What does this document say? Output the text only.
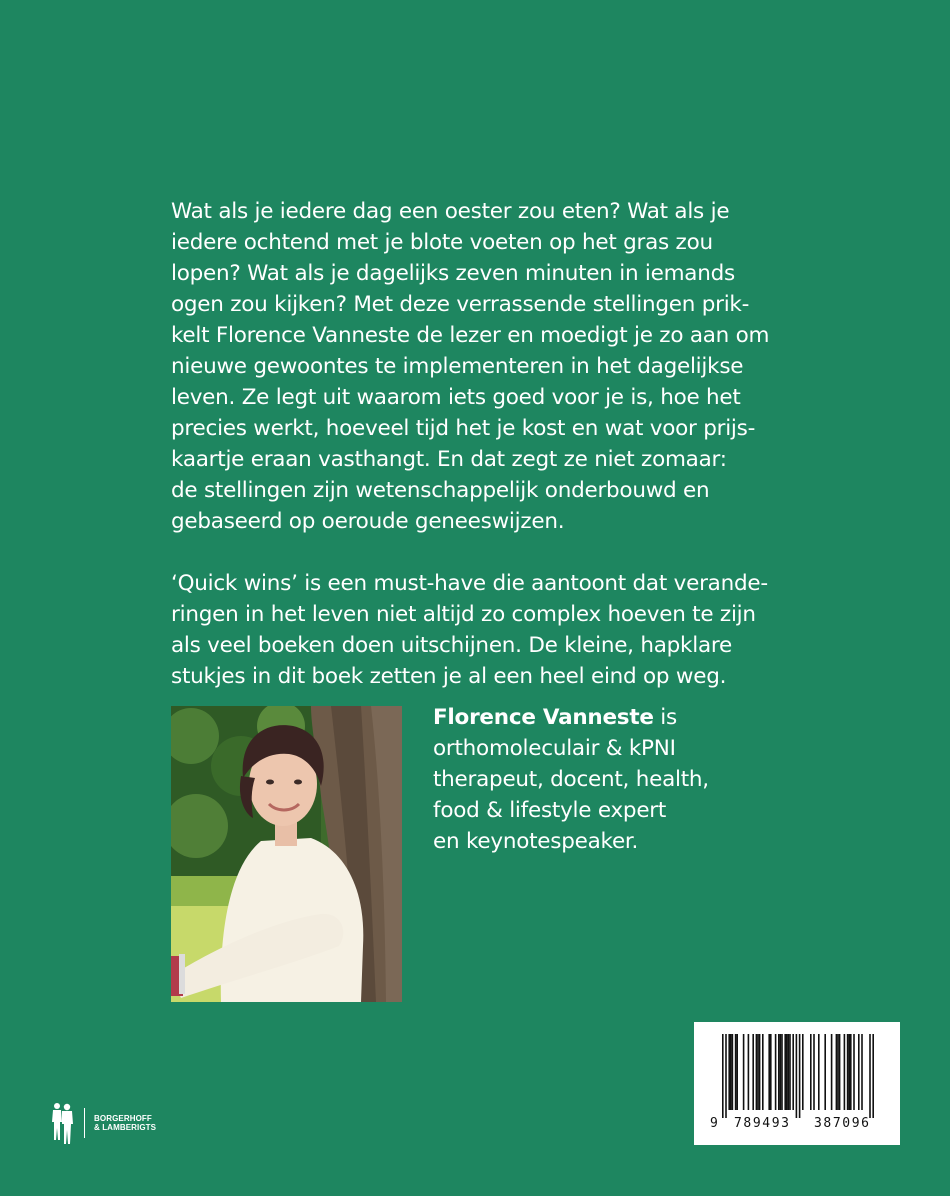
Wat als je iedere dag een oester zou eten? Wat als je
iedere ochtend met je blote voeten op het gras zou
lopen? Wat als je dagelijks zeven minuten in iemands
ogen zou kijken? Met deze verrassende stellingen prik-
kelt Florence Vanneste de lezer en moedigt je zo aan om
nieuwe gewoontes te implementeren in het dagelijkse
leven. Ze legt uit waarom iets goed voor je is, hoe het
precies werkt, hoeveel tijd het je kost en wat voor prijs-
kaartje eraan vasthangt. En dat zegt ze niet zomaar:
de stellingen zijn wetenschappelijk onderbouwd en
gebaseerd op oeroude geneeswijzen.

‘Quick wins’ is een must-have die aantoont dat verande-
ringen in het leven niet altijd zo complex hoeven te zijn
als veel boeken doen uitschijnen. De kleine, hapklare
stukjes in dit boek zetten je al een heel eind op weg.

Florence Vanneste is
orthomoleculair & kPNI
therapeut, docent, health,
food & lifestyle expert
en keynotespeaker.
BORGERHOFF
& LAMBERIGTS	9 789493 387096
